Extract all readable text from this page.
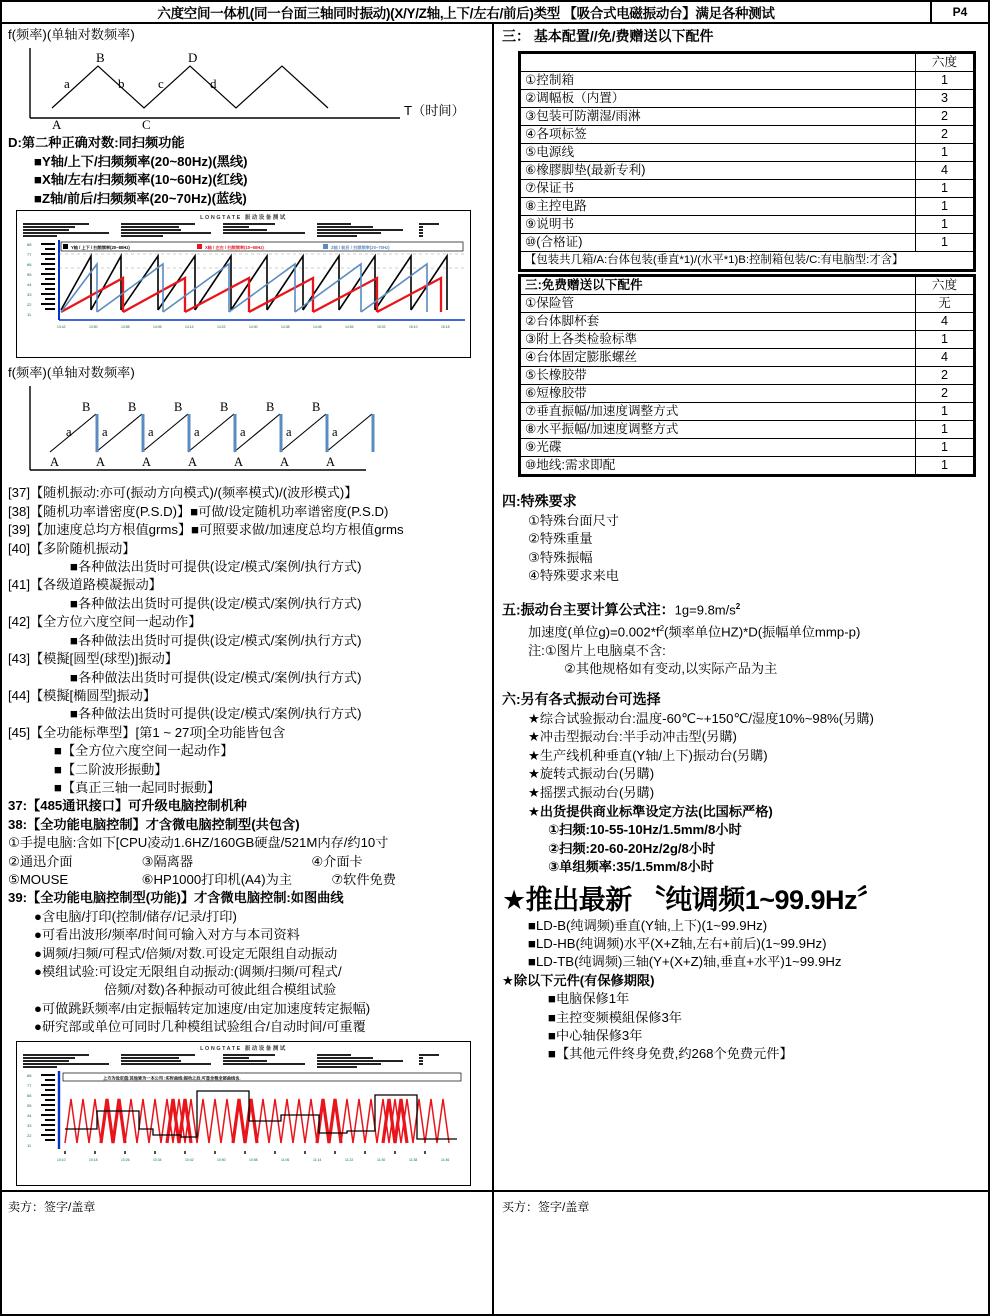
六度空间一体机(同一台面三轴同时振动)(X/Y/Z轴,上下/左右/前后)类型 【吸合式电磁振动台】满足各种测试	P4
f(频率)(单轴对数频率)
B	D
A	C
a	b	c	d
T（时间）
D:第二种正确对数:同扫频功能
■Y轴/上下/扫频频率(20~80Hz)(黑线)
■X轴/左右/扫频频率(10~60Hz)(红线)
■Z轴/前后/扫频频率(20~70Hz)(蓝线)
LONGTATE 振动设备测试
88
77
66
55
44
33
22
11
Y轴 / 上下 / 扫频频率(20~80Hz)	X轴 / 左右 / 扫频频率(10~60Hz)	Z轴 / 前后 / 扫频频率(20~70Hz)
13:42	13:50	13:58	14:06	14:14	14:22	14:30	14:38	14:46	14:54	15:02	15:10	15:18
f(频率)(单轴对数频率)
B	B	B	B	B	B
a a	a	a	a	a	a
A	A	A	A	A	A	A
[37]【随机振动:亦可(振动方向模式)/(频率模式)/(波形模式)】
[38]【随机功率谱密度(P.S.D)】■可做/设定随机功率谱密度(P.S.D)
[39]【加速度总均方根值grms】■可照要求做/加速度总均方根值grms
[40]【多阶随机振动】
■各种做法出货时可提供(设定/模式/案例/执行方式)
[41]【各级道路模凝振动】
■各种做法出货时可提供(设定/模式/案例/执行方式)
[42]【全方位六度空间一起动作】
■各种做法出货时可提供(设定/模式/案例/执行方式)
[43]【模擬[圆型(球型)]振动】
■各种做法出货时可提供(设定/模式/案例/执行方式)
[44]【模擬[椭圆型]振动】
■各种做法出货时可提供(设定/模式/案例/执行方式)
[45]【全功能标準型】[第1 ~ 27项]全功能皆包含
■【全方位六度空间一起动作】
■【二阶波形振動】
■【真正三轴一起同时振動】
37:【485通讯接口】可升级电脑控制机种
38:【全功能电脑控制】才含微电脑控制型(共包含)
①手提电脑:含如下[CPU凌动1.6HZ/160GB硬盘/521M内存/约10寸
②通迅介面	③隔离器	④介面卡
⑤MOUSE	⑥HP1000打印机(A4)为主	⑦软件免费
39:【全功能电脑控制型(功能)】才含微电脑控制:如图曲线
●含电脑/打印(控制/储存/记录/打印)
●可看出波形/频率/时间可输入对方与本司资料
●调频/扫频/可程式/倍频/对数.可设定无限组自动振动
●模组试验:可设定无限组自动振动:(调频/扫频/可程式/
倍频/对数)各种振动可彼此组合模组试验
●可做跳跃频率/由定振幅转定加速度/由定加速度转定振幅)
●研究部或单位可同时几种模组试验组合/自动时间/可重覆
LONGTATE 振动设备测试
88
77
66
55
44
33
22
11
上方为设定值:其他皆为一本公司 :实时曲线:振动之后,可显全程全部曲线也.
10:10	10:18	10:26	10:34	10:42	10:50	10:58	11:06	11:14	11:22	11:30	11:38	11:46
三： 基本配置//免/费赠送以下配件
	六度
①控制箱	1
②调幅板（内置）	3
③包装可防潮湿/雨淋	2
④各项标签	2
⑤电源线	1
⑥橡膠脚垫(最新专利)	4
⑦保证书	1
⑧主控电路	1
⑨说明书	1
⑩(合格证)	1
【包装共几箱/A:台体包装(垂直*1)/(水平*1)B:控制箱包装/C:有电脑型:才含】	
三:免费赠送以下配件	六度
①保险管	无
②台体脚杯套	4
③附上各类检验标準	1
④台体固定膨胀螺丝	4
⑤长橡胶带	2
⑥短橡胶带	2
⑦垂直振幅/加速度调整方式	1
⑧水平振幅/加速度调整方式	1
⑨光碟	1
⑩地线:需求即配	1
四:特殊要求
①特殊台面尺寸
②特殊重量
③特殊振幅
④特殊要求来电
五:振动台主要计算公式注：$1g=9.8m/s^2$
加速度(单位$g)=0.002*f^2$(频率单位HZ)*D(振幅单位mmp-p)
注:①图片上电脑桌不含:
②其他规格如有变动,以实际产品为主
六:另有各式振动台可选择
★综合试验振动台:温度-60℃~+150℃/湿度10%~98%(另購)
★冲击型振动台:半手动冲击型(另購)
★生产线机种垂直(Y轴/上下)振动台(另購)
★旋转式振动台(另購)
★摇摆式振动台(另購)
★出货提供商业标準设定方法(比国标严格)
①扫频:10-55-10Hz/1.5mm/8小时
②扫频:20-60-20Hz/2g/8小时
③单组频率:35/1.5mm/8小时
★推出最新 〝纯调频1~99.9Hz〞
■LD-B(纯调频)垂直(Y轴,上下)(1~99.9Hz)
■LD-HB(纯调频)水平(X+Z轴,左右+前后)(1~99.9Hz)
■LD-TB(纯调频)三轴(Y+(X+Z)轴,垂直+水平)1~99.9Hz
★除以下元件(有保修期限)
■电脑保修1年
■主控变频模組保修3年
■中心轴保修3年
■【其他元件终身免费,约268个免费元件】
卖方：签字/盖章	买方：签字/盖章
